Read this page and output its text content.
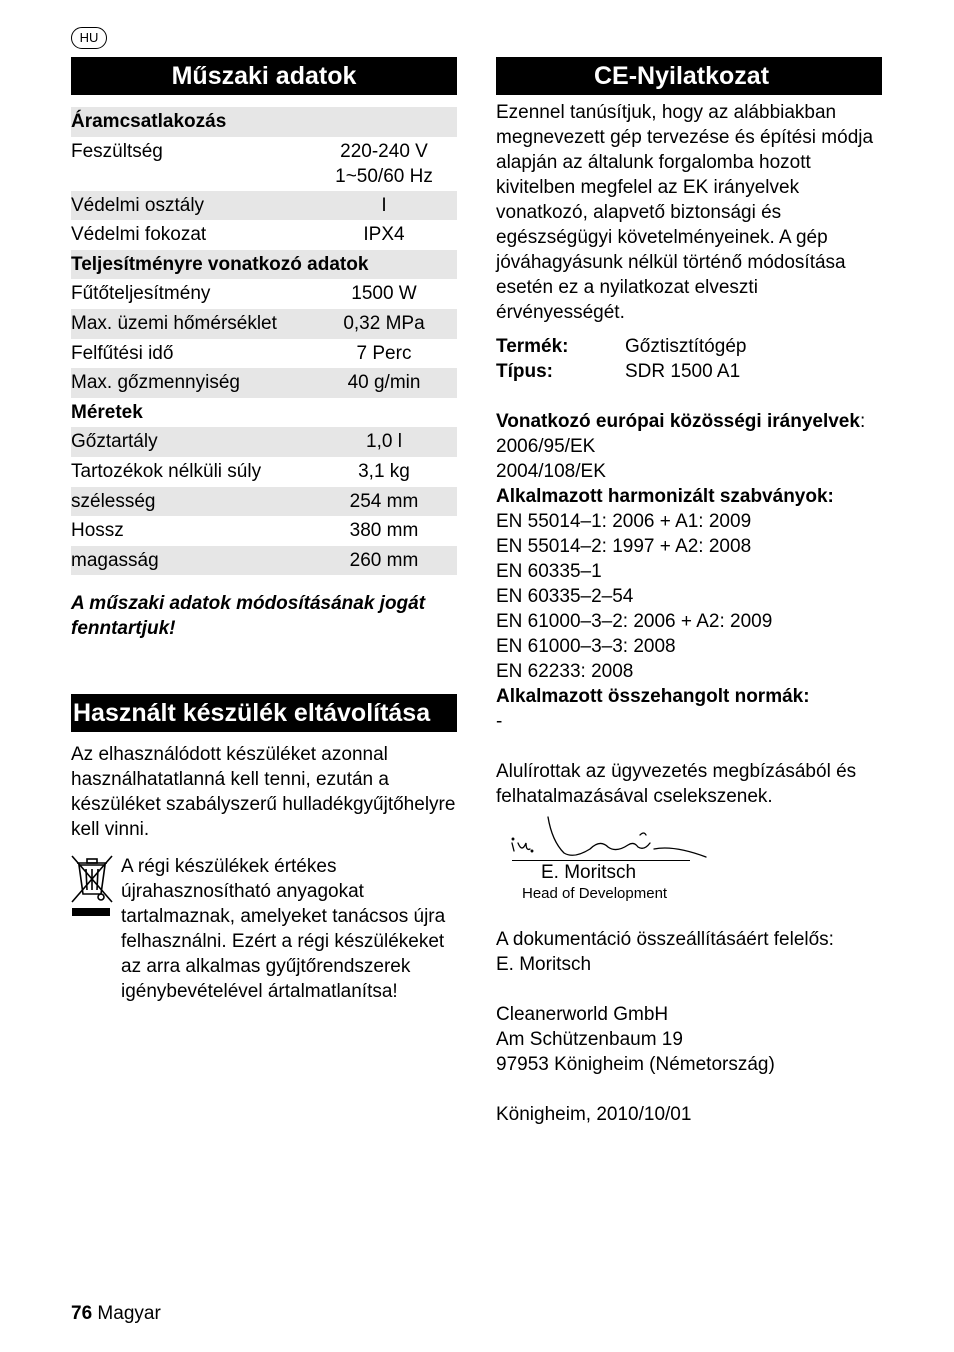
HU
Műszaki adatok
Áramcsatlakozás
Feszültség	220-240 V
1~50/60 Hz
Védelmi osztály	I
Védelmi fokozat	IPX4
Teljesítményre vonatkozó adatok
Fűtőteljesítmény	1500 W
Max. üzemi hőmérséklet	0,32 MPa
Felfűtési idő	7 Perc
Max. gőzmennyiség	40 g/min
Méretek
Gőztartály	1,0 l
Tartozékok nélküli súly	3,1 kg
szélesség	254 mm
Hossz	380 mm
magasság	260 mm
A műszaki adatok módosításának jogát fenntartjuk!
Használt készülék eltávolítása
Az elhasználódott készüléket azonnal használhatatlanná kell tenni, ezután a készüléket szabályszerű hulladékgyűjtőhelyre kell vinni.
A régi készülékek értékes újrahasznosítható anyagokat tartalmaznak, amelyeket tanácsos újra felhasználni. Ezért a régi készülékeket az arra alkalmas gyűjtőrendszerek igénybevételével ártalmatlanítsa!
CE-Nyilatkozat
Ezennel tanúsítjuk, hogy az alábbiakban megnevezett gép tervezése és építési módja alapján az általunk forgalomba hozott kivitelben megfelel az EK irányelvek vonatkozó, alapvető biztonsági és egészségügyi követelményeinek. A gép jóváhagyásunk nélkül történő módosítása esetén ez a nyilatkozat elveszti érvényességét.
Termék:	Gőztisztítógép
Típus:	SDR 1500 A1
Vonatkozó európai közösségi irányelvek:
2006/95/EK
2004/108/EK
Alkalmazott harmonizált szabványok:
EN 55014–1: 2006 + A1: 2009
EN 55014–2: 1997 + A2: 2008
EN 60335–1
EN 60335–2–54
EN 61000–3–2: 2006 + A2: 2009
EN 61000–3–3: 2008
EN 62233: 2008
Alkalmazott összehangolt normák:
-
Alulírottak az ügyvezetés megbízásából és felhatalmazásával cselekszenek.
E. Moritsch
Head of Development
A dokumentáció összeállításáért felelős:
E. Moritsch
Cleanerworld GmbH
Am Schützenbaum 19
97953 Königheim (Németország)
Königheim, 2010/10/01
76 Magyar
